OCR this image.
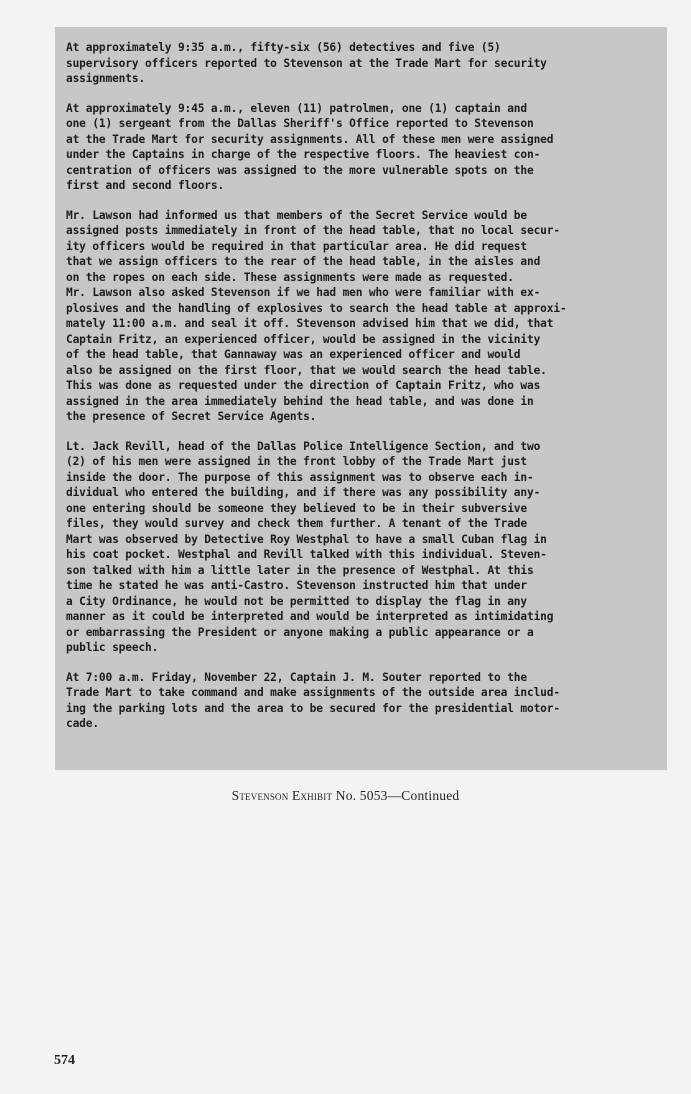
At approximately 9:35 a.m., fifty-six (56) detectives and five (5)
supervisory officers reported to Stevenson at the Trade Mart for security
assignments.
At approximately 9:45 a.m., eleven (11) patrolmen, one (1) captain and
one (1) sergeant from the Dallas Sheriff's Office reported to Stevenson
at the Trade Mart for security assignments. All of these men were assigned
under the Captains in charge of the respective floors. The heaviest con-
centration of officers was assigned to the more vulnerable spots on the
first and second floors.
Mr. Lawson had informed us that members of the Secret Service would be
assigned posts immediately in front of the head table, that no local secur-
ity officers would be required in that particular area. He did request
that we assign officers to the rear of the head table, in the aisles and
on the ropes on each side. These assignments were made as requested.
Mr. Lawson also asked Stevenson if we had men who were familiar with ex-
plosives and the handling of explosives to search the head table at approxi-
mately 11:00 a.m. and seal it off. Stevenson advised him that we did, that
Captain Fritz, an experienced officer, would be assigned in the vicinity
of the head table, that Gannaway was an experienced officer and would
also be assigned on the first floor, that we would search the head table.
This was done as requested under the direction of Captain Fritz, who was
assigned in the area immediately behind the head table, and was done in
the presence of Secret Service Agents.
Lt. Jack Revill, head of the Dallas Police Intelligence Section, and two
(2) of his men were assigned in the front lobby of the Trade Mart just
inside the door. The purpose of this assignment was to observe each in-
dividual who entered the building, and if there was any possibility any-
one entering should be someone they believed to be in their subversive
files, they would survey and check them further. A tenant of the Trade
Mart was observed by Detective Roy Westphal to have a small Cuban flag in
his coat pocket. Westphal and Revill talked with this individual. Steven-
son talked with him a little later in the presence of Westphal. At this
time he stated he was anti-Castro. Stevenson instructed him that under
a City Ordinance, he would not be permitted to display the flag in any
manner as it could be interpreted and would be interpreted as intimidating
or embarrassing the President or anyone making a public appearance or a
public speech.
At 7:00 a.m. Friday, November 22, Captain J. M. Souter reported to the
Trade Mart to take command and make assignments of the outside area includ-
ing the parking lots and the area to be secured for the presidential motor-
cade.
Stevenson Exhibit No. 5053—Continued
574
